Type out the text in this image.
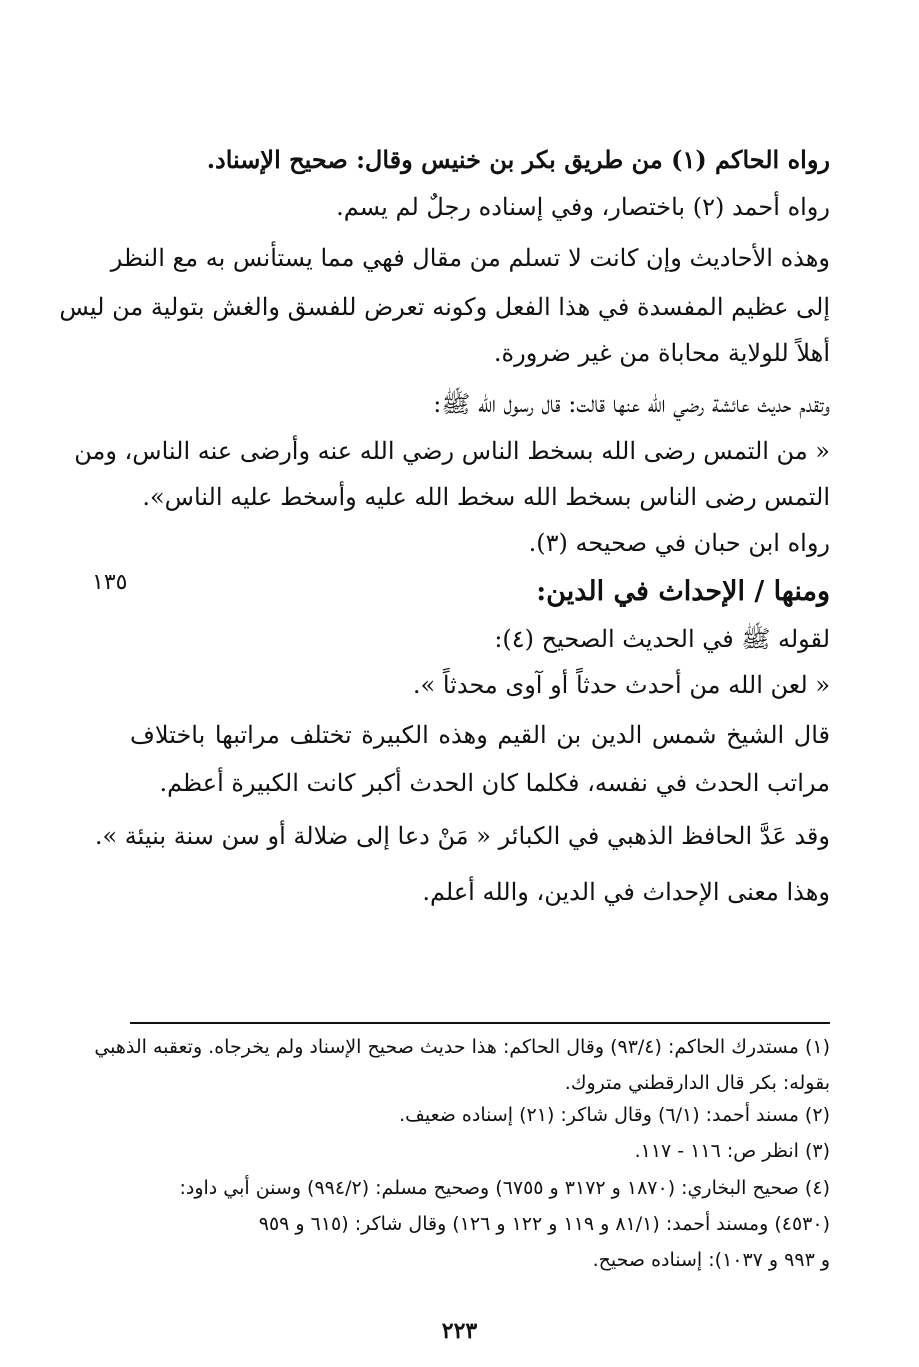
رواه الحاكم (١) من طريق بكر بن خنيس وقال: صحيح الإسناد.
رواه أحمد (٢) باختصار، وفي إسناده رجلٌ لم يسم.
وهذه الأحاديث وإن كانت لا تسلم من مقال فهي مما يستأنس به مع النظر
إلى عظيم المفسدة في هذا الفعل وكونه تعرض للفسق والغش بتولية من ليس
أهلاً للولاية محاباة من غير ضرورة.
وتقدم حديث عائشة رضي الله عنها قالت: قال رسول الله ﷺ:
« من التمس رضى الله بسخط الناس رضي الله عنه وأرضى عنه الناس، ومن
التمس رضى الناس بسخط الله سخط الله عليه وأسخط عليه الناس».
رواه ابن حبان في صحيحه (٣).
١٣٥	ومنها / الإحداث في الدين:
لقوله ﷺ في الحديث الصحيح (٤):
« لعن الله من أحدث حدثاً أو آوى محدثاً ».
قال الشيخ شمس الدين بن القيم وهذه الكبيرة تختلف مراتبها باختلاف
مراتب الحدث في نفسه، فكلما كان الحدث أكبر كانت الكبيرة أعظم.
وقد عَدَّ الحافظ الذهبي في الكبائر « مَنْ دعا إلى ضلالة أو سن سنة بنيئة ».
وهذا معنى الإحداث في الدين، والله أعلم.
(١) مستدرك الحاكم: (٩٣/٤) وقال الحاكم: هذا حديث صحيح الإسناد ولم يخرجاه. وتعقبه الذهبي
بقوله: بكر قال الدارقطني متروك.
(٢) مسند أحمد: (٦/١) وقال شاكر: (٢١) إسناده ضعيف.
(٣) انظر ص: ١١٦ - ١١٧.
(٤) صحيح البخاري: (١٨٧٠ و ٣١٧٢ و ٦٧٥٥) وصحيح مسلم: (٩٩٤/٢) وسنن أبي داود:
(٤٥٣٠) ومسند أحمد: (٨١/١ و ١١٩ و ١٢٢ و ١٢٦) وقال شاكر: (٦١٥ و ٩٥٩
و ٩٩٣ و ١٠٣٧): إسناده صحيح.
٢٢٣
